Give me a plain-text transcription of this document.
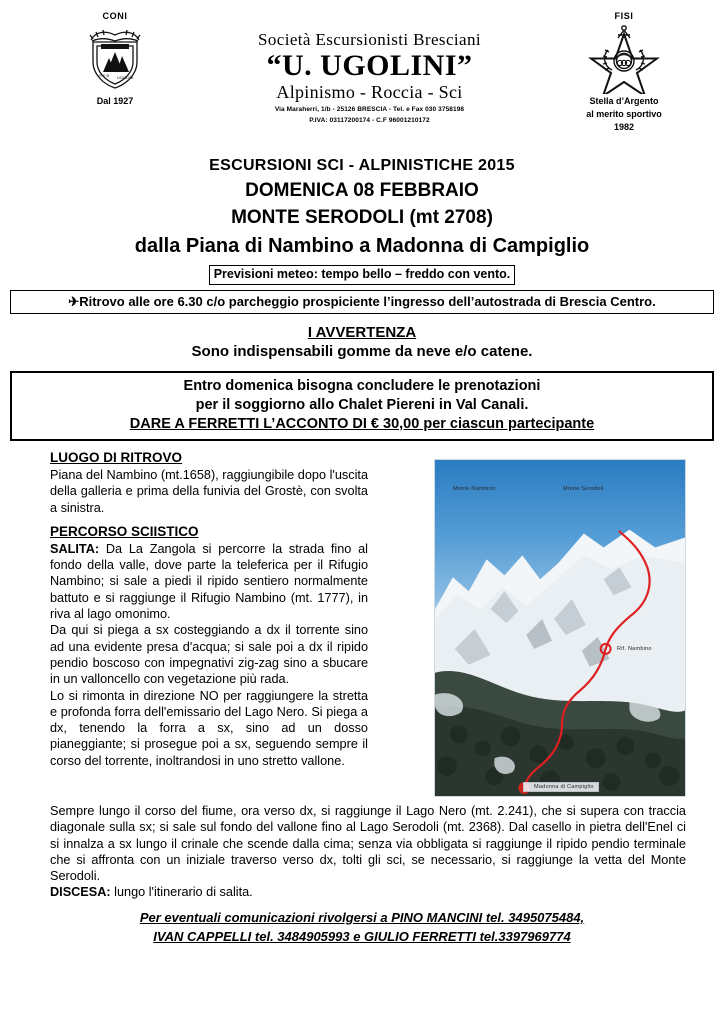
CONI
S E B UGOLINI
Dal 1927
Società Escursionisti Bresciani
“U. UGOLINI”
Alpinismo - Roccia - Sci
Via Maraherri, 1/b - 25126 BRESCIA - Tel. e Fax 030 3758198
P.IVA: 03117200174 - C.F 96001210172
FISI
Stella d’Argento
al merito sportivo
1982
ESCURSIONI SCI - ALPINISTICHE 2015
DOMENICA 08 FEBBRAIO
MONTE SERODOLI (mt 2708)
dalla Piana di Nambino a Madonna di Campiglio
Previsioni meteo: tempo bello – freddo con vento.
✈Ritrovo alle ore 6.30 c/o parcheggio prospiciente l’ingresso dell’autostrada di Brescia Centro.
I AVVERTENZA
Sono indispensabili gomme da neve e/o catene.
Entro domenica bisogna concludere le prenotazioni
per il soggiorno allo Chalet Piereni in Val Canali.
DARE A FERRETTI L’ACCONTO DI € 30,00 per ciascun partecipante
Monte Nambron	Monte Serodoli
Rif. Nambino
Madonna di Campiglio
LUOGO DI RITROVO

Piana del Nambino (mt.1658), raggiungibile dopo l'uscita della galleria e prima della funivia del Grostè, con svolta a sinistra.

PERCORSO SCIISTICO

SALITA: Da La Zangola si percorre la strada fino al fondo della valle, dove parte la teleferica per il Rifugio Nambino; si sale a piedi il ripido sentiero normalmente battuto e si raggiunge il Rifugio Nambino (mt. 1777), in riva al lago omonimo.

Da qui si piega a sx costeggiando a dx il torrente sino ad una evidente presa d'acqua; si sale poi a dx il ripido pendio boscoso con impegnativi zig-zag sino a sbucare in un valloncello con vegetazione più rada.

Lo si rimonta in direzione NO per raggiungere la stretta e profonda forra dell'emissario del Lago Nero. Si piega a dx, tenendo la forra a sx, sino ad un dosso pianeggiante; si prosegue poi a sx, seguendo sempre il corso del torrente, inoltrandosi in uno stretto vallone.

Sempre lungo il corso del fiume, ora verso dx, si raggiunge il Lago Nero (mt. 2.241), che si supera con traccia diagonale sulla sx; si sale sul fondo del vallone fino al Lago Serodoli (mt. 2368). Dal casello in pietra dell'Enel ci si innalza a sx lungo il crinale che scende dalla cima; senza via obbligata si raggiunge il ripido pendio terminale che si affronta con un iniziale traverso verso dx, tolti gli sci, se necessario, si raggiunge la vetta del Monte Serodoli.

DISCESA: lungo l'itinerario di salita.

Per eventuali comunicazioni rivolgersi a PINO MANCINI tel. 3495075484,
IVAN CAPPELLI tel. 3484905993 e GIULIO FERRETTI tel.3397969774
